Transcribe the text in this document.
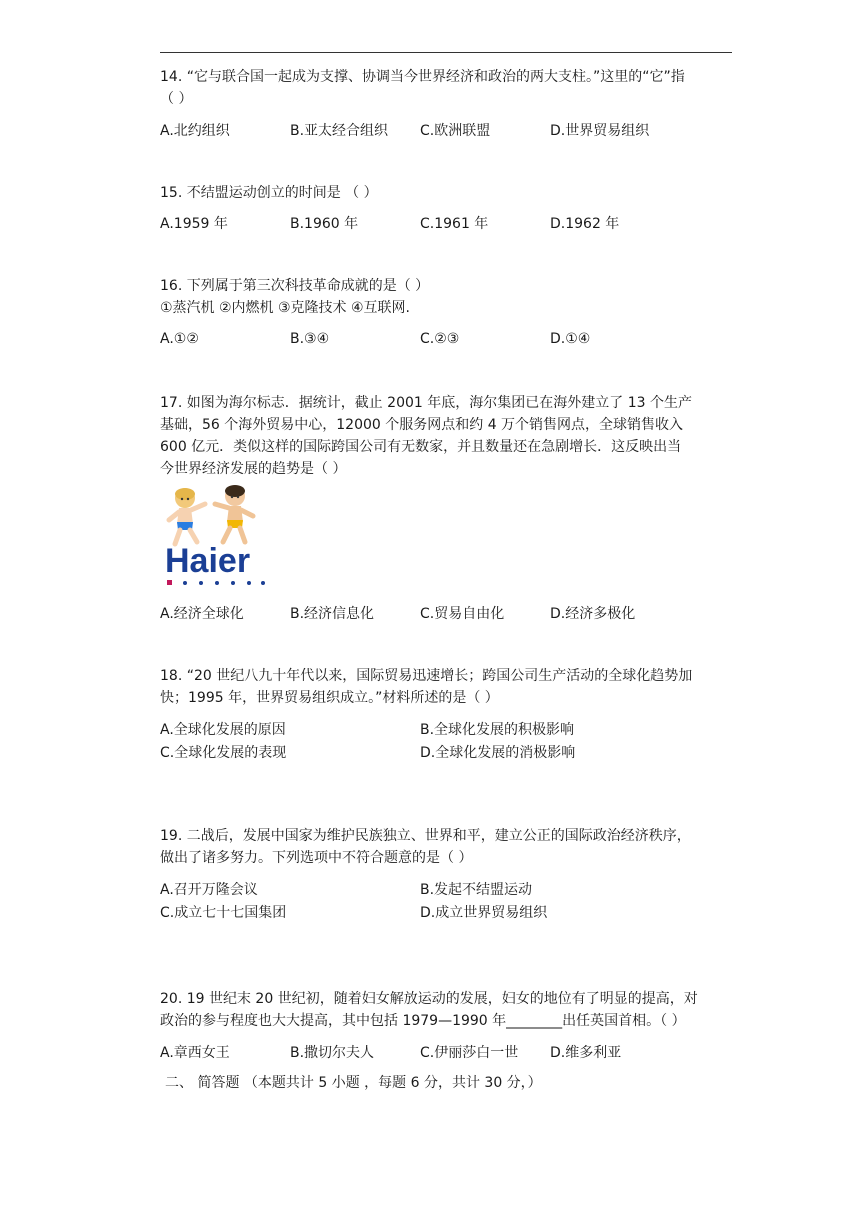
14. “它与联合国一起成为支撑、协调当今世界经济和政治的两大支柱。”这里的“它”指

（ ）

A.北约组织	B.亚太经合组织 C.欧洲联盟	D.世界贸易组织

15. 不结盟运动创立的时间是 （ ）

A.1959 年	B.1960 年	C.1961 年	D.1962 年

16. 下列属于第三次科技革命成就的是（ ）

①蒸汽机 ②内燃机 ③克隆技术 ④互联网.

A.①②	B.③④	C.②③	D.①④

17. 如图为海尔标志．据统计，截止 2001 年底，海尔集团已在海外建立了 13 个生产

基础，56 个海外贸易中心，12000 个服务网点和约 4 万个销售网点，全球销售收入

600 亿元．类似这样的国际跨国公司有无数家，并且数量还在急剧增长．这反映出当

今世界经济发展的趋势是（ ）

Haier
A.经济全球化	B.经济信息化	C.贸易自由化	D.经济多极化

18. “20 世纪八九十年代以来，国际贸易迅速增长；跨国公司生产活动的全球化趋势加

快；1995 年，世界贸易组织成立。”材料所述的是（ ）

A.全球化发展的原因	B.全球化发展的积极影响
C.全球化发展的表现	D.全球化发展的消极影响

19. 二战后，发展中国家为维护民族独立、世界和平，建立公正的国际政治经济秩序，

做出了诸多努力。下列选项中不符合题意的是（ ）

A.召开万隆会议	B.发起不结盟运动
C.成立七十七国集团	D.成立世界贸易组织

20. 19 世纪末 20 世纪初，随着妇女解放运动的发展，妇女的地位有了明显的提高，对

政治的参与程度也大大提高，其中包括 1979—1990 年________出任英国首相。（ ）

A.章西女王	B.撒切尔夫人	C.伊丽莎白一世 D.维多利亚
二、 简答题 （本题共计 5 小题 ，每题 6 分，共计 30 分，）
